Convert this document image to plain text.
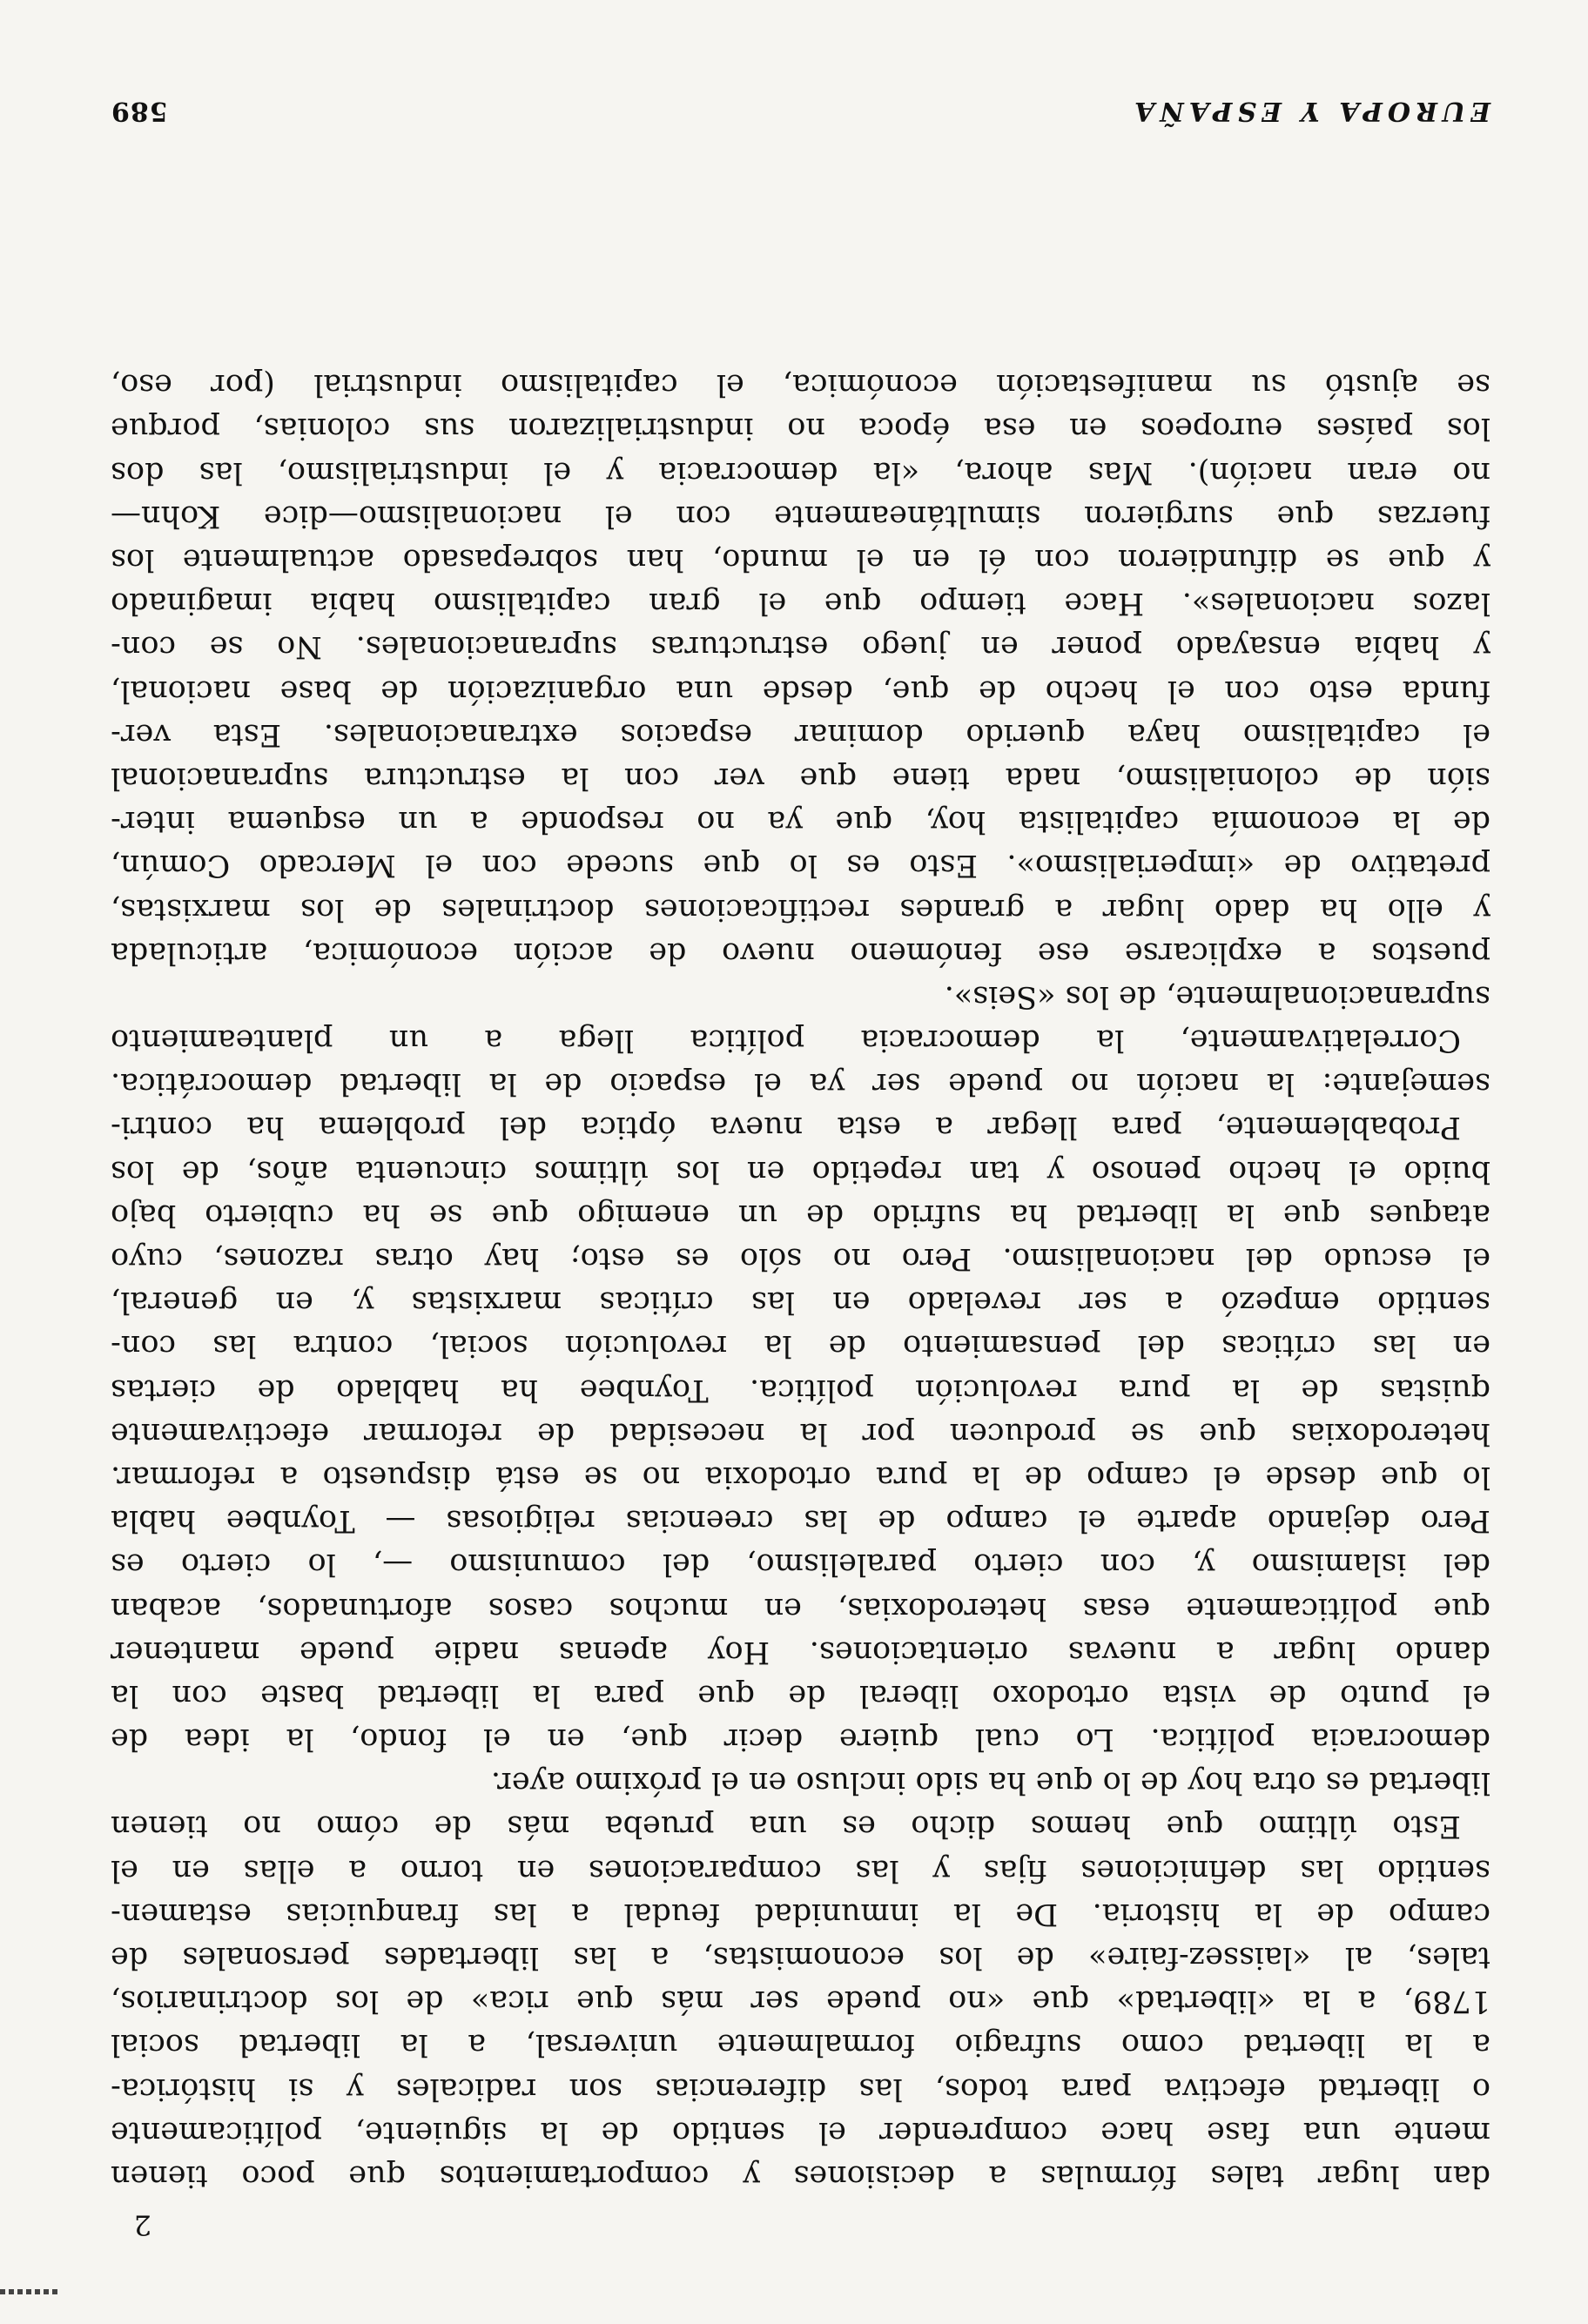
EUROPA Y ESPAÑA
589
dan lugar tales fórmulas a decisiones y comportamientos que poco tienen
mente una fase hace comprender el sentido de la siguiente, políticamente
o libertad efectiva para todos, las diferencias son radicales y si histórica-
a la libertad como sufragio formalmente universal, a la libertad social
1789, a la «libertad» que «no puede ser más que rica» de los doctrinarios,
tales, al «laissez-faire» de los economistas, a las libertades personales de
campo de la historia. De la inmunidad feudal a las franquicias estamen-
sentido las definiciones fijas y las comparaciones en torno a ellas en el
Esto último que hemos dicho es una prueba más de cómo no tienen
libertad es otra hoy de lo que ha sido incluso en el próximo ayer.
democracia política. Lo cual quiere decir que, en el fondo, la idea de
el punto de vista ortodoxo liberal de que para la libertad baste con la
dando lugar a nuevas orientaciones. Hoy apenas nadie puede mantener
que políticamente esas heterodoxias, en muchos casos afortunados, acaban
del islamismo y, con cierto paralelismo, del comunismo —, lo cierto es
Pero dejando aparte el campo de las creencias religiosas — Toynbee habla
lo que desde el campo de la pura ortodoxia no se está dispuesto a reformar.
heterodoxias que se producen por la necesidad de reformar efectivamente
quistas de la pura revolución política. Toynbee ha hablado de ciertas
en las críticas del pensamiento de la revolución social, contra las con-
sentido empezó a ser revelado en las críticas marxistas y, en general,
el escudo del nacionalismo. Pero no sólo es esto; hay otras razones, cuyo
ataques que la libertad ha sufrido de un enemigo que se ha cubierto bajo
buido el hecho penoso y tan repetido en los últimos cincuenta años, de los
Probablemente, para llegar a esta nueva óptica del problema ha contri-
semejante: la nación no puede ser ya el espacio de la libertad democrática.
Correlativamente, la democracia política llega a un planteamiento
supranacionalmente, de los «Seis».
puestos a explicarse ese fenómeno nuevo de acción económica, articulada
y ello ha dado lugar a grandes rectificaciones doctrinales de los marxistas,
pretativo de «imperialismo». Esto es lo que sucede con el Mercado Común,
de la economía capitalista hoy, que ya no responde a un esquema inter-
sión de colonialismo, nada tiene que ver con la estructura supranacional
el capitalismo haya querido dominar espacios extranacionales. Esta ver-
funda esto con el hecho de que, desde una organización de base nacional,
y había ensayado poner en juego estructuras supranacionales. No se con-
lazos nacionales». Hace tiempo que el gran capitalismo había imaginado
y que se difundieron con él en el mundo, han sobrepasado actualmente los
fuerzas que surgieron simultáneamente con el nacionalismo—dice Kohn—
no eran nación). Mas ahora, «la democracia y el industrialismo, las dos
los países europeos en esa época no industrializaron sus colonias, porque
se ajustó su manifestación económica, el capitalismo industrial (por eso,
2
